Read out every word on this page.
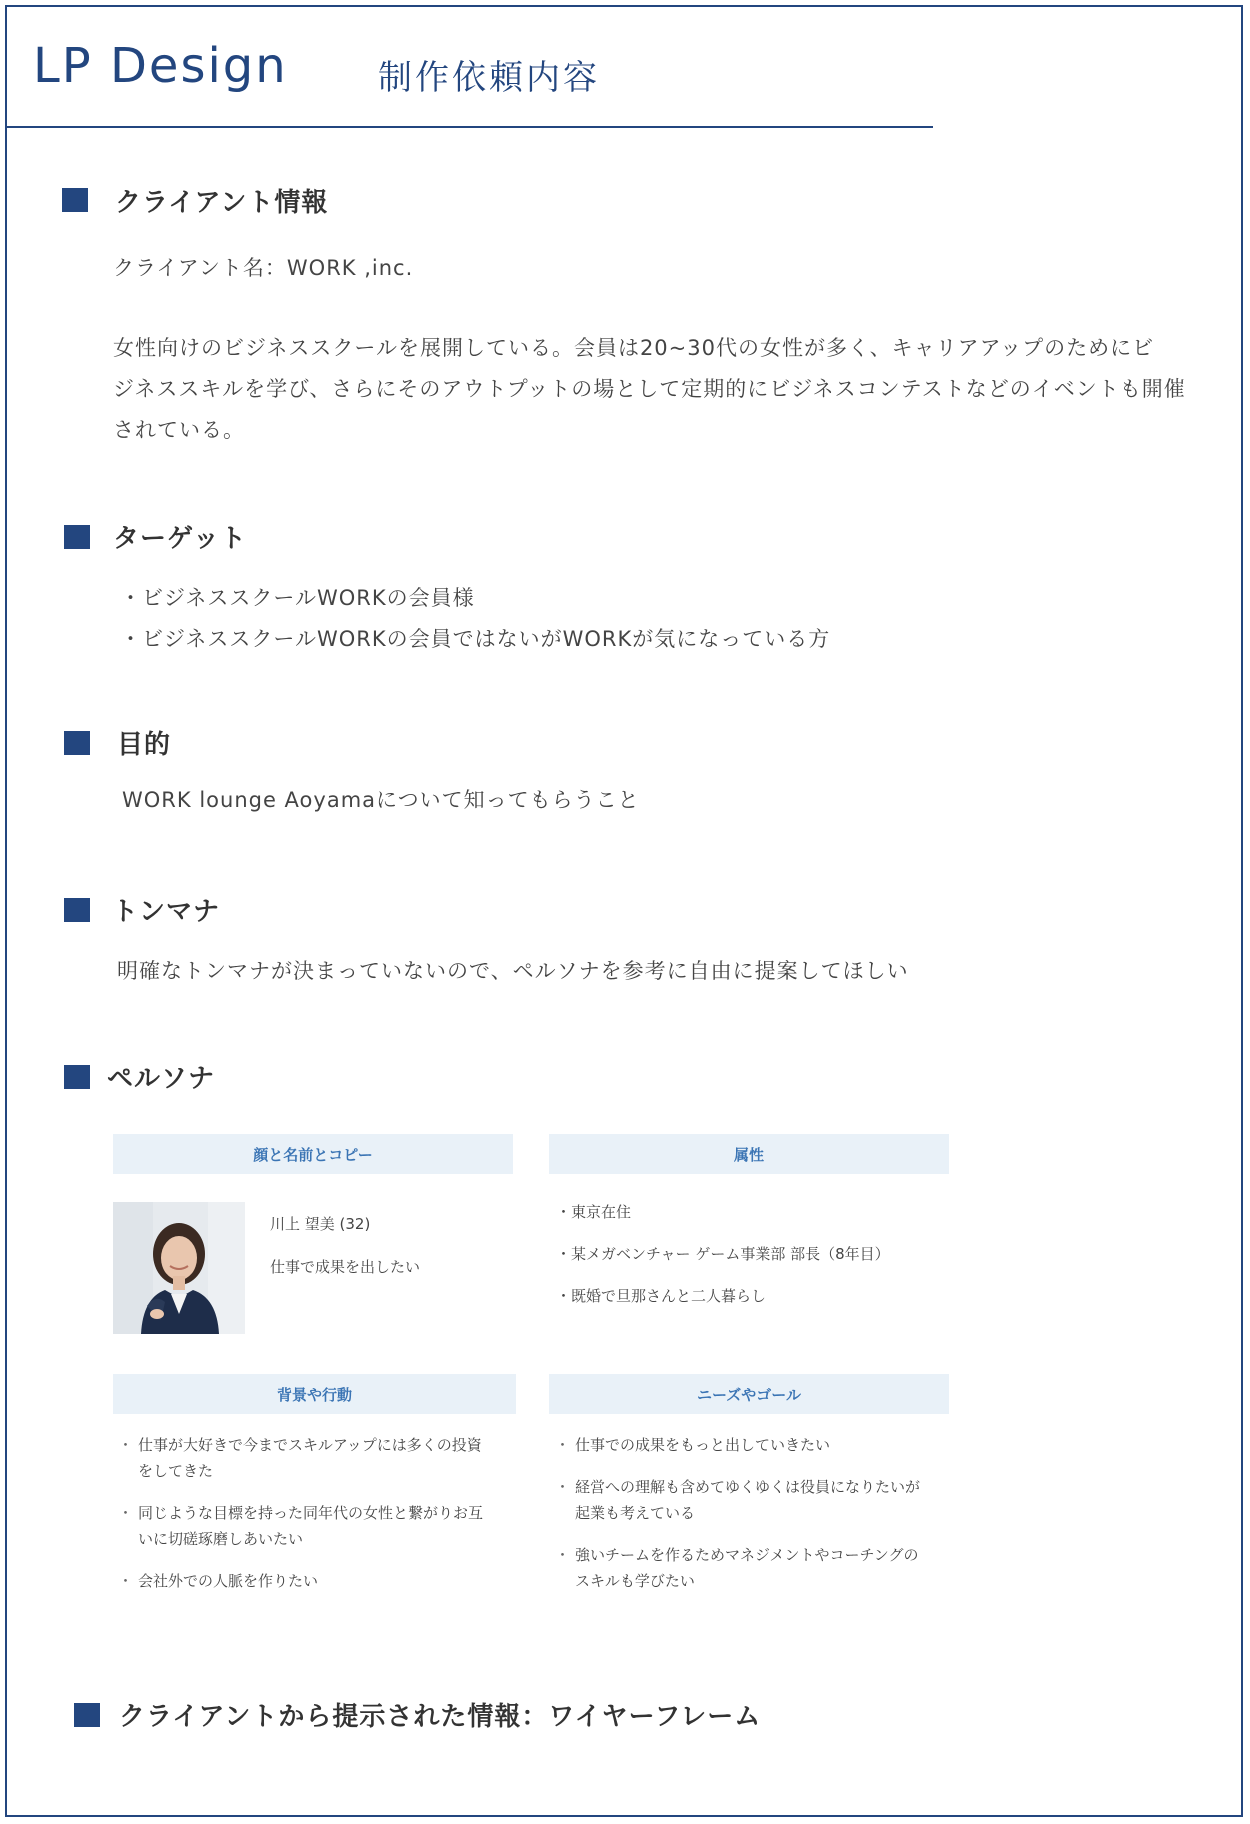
LP Design	制作依頼内容
クライアント情報
クライアント名：WORK ,inc.
女性向けのビジネススクールを展開している。会員は20~30代の女性が多く、キャリアアップのためにビ
ジネススキルを学び、さらにそのアウトプットの場として定期的にビジネスコンテストなどのイベントも開催
されている。
ターゲット
・ビジネススクールWORKの会員様
・ビジネススクールWORKの会員ではないがWORKが気になっている方
目的
WORK lounge Aoyamaについて知ってもらうこと
トンマナ
明確なトンマナが決まっていないので、ペルソナを参考に自由に提案してほしい
ペルソナ
顔と名前とコピー	属性
川上 望美 (32)
仕事で成果を出したい
・東京在住
・某メガベンチャー ゲーム事業部 部長（8年目）
・既婚で旦那さんと二人暮らし
背景や行動	ニーズやゴール
・ 仕事が大好きで今までスキルアップには多くの投資
をしてきた
・ 同じような目標を持った同年代の女性と繋がりお互
いに切磋琢磨しあいたい
・ 会社外での人脈を作りたい
・ 仕事での成果をもっと出していきたい
・ 経営への理解も含めてゆくゆくは役員になりたいが
起業も考えている
・ 強いチームを作るためマネジメントやコーチングの
スキルも学びたい
クライアントから提示された情報：ワイヤーフレーム
